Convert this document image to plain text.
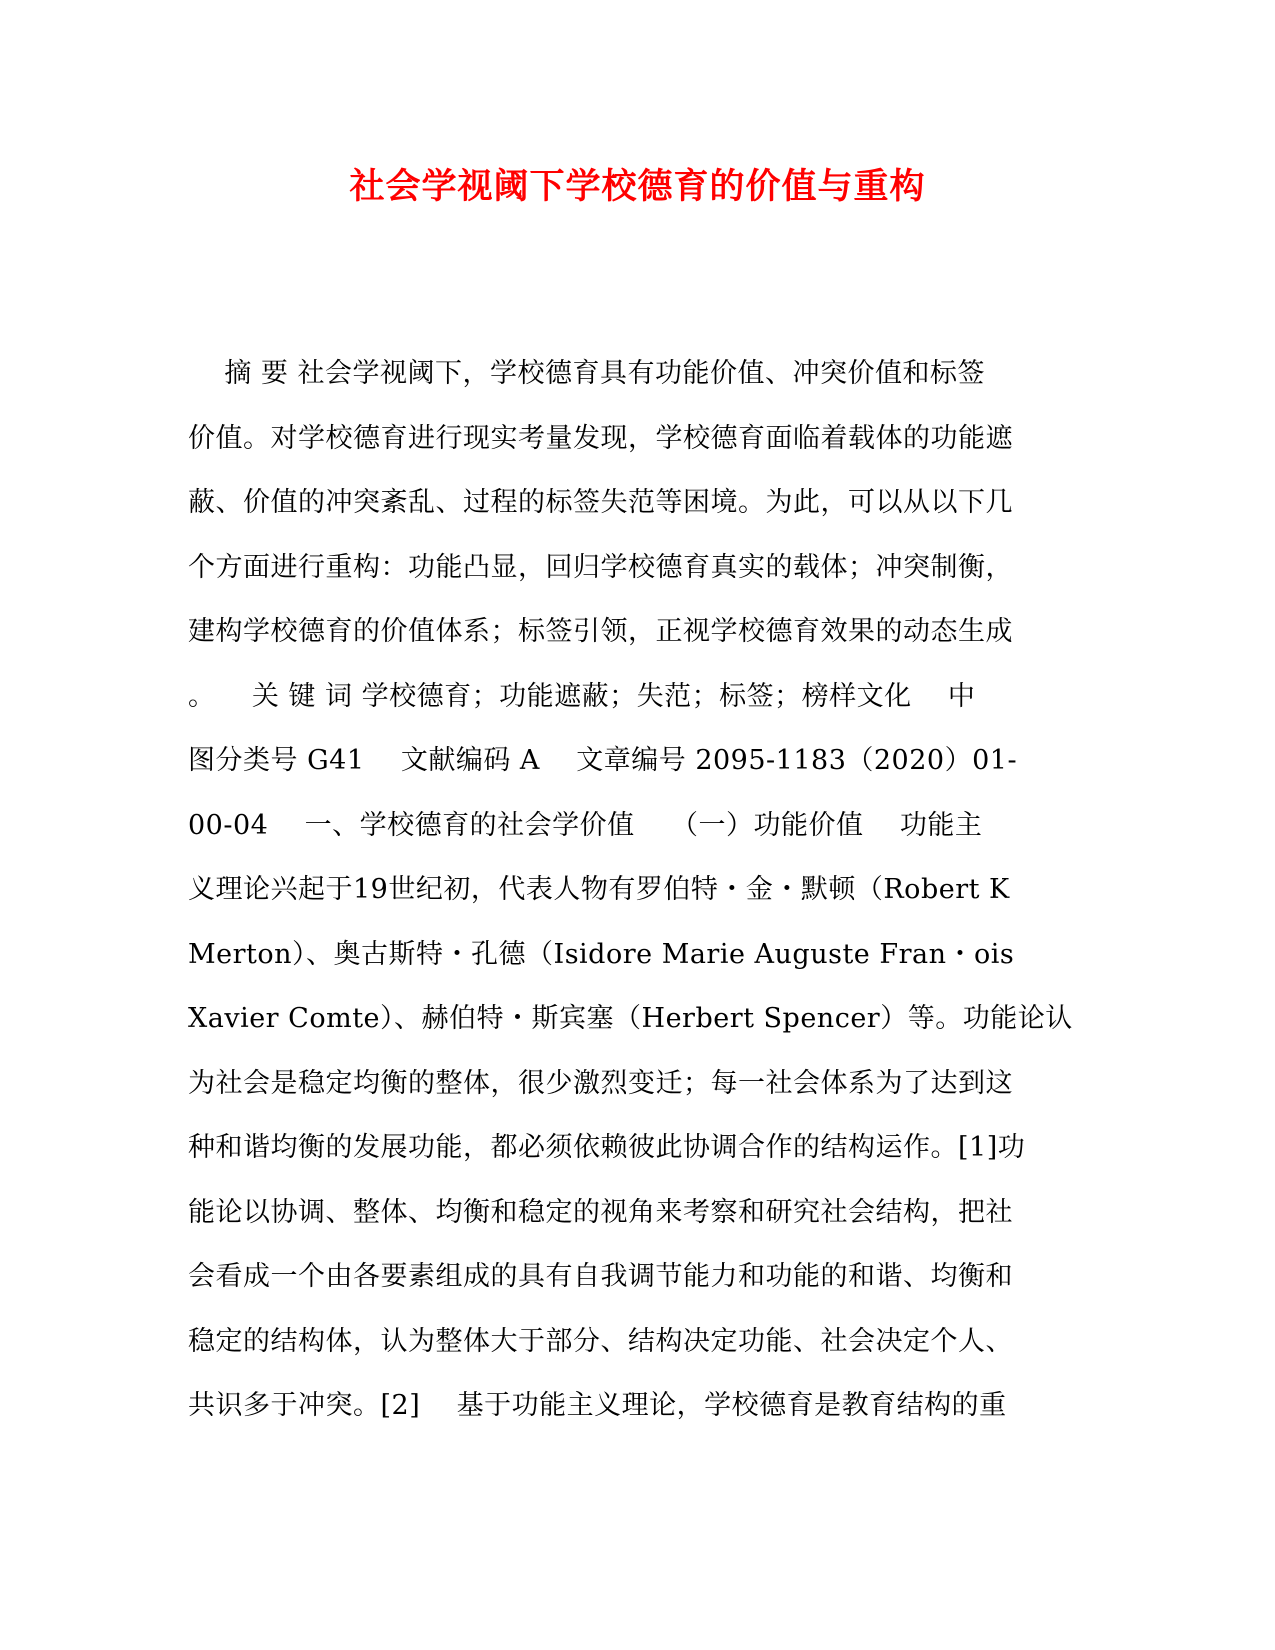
社会学视阈下学校德育的价值与重构
摘 要 社会学视阈下，学校德育具有功能价值、冲突价值和标签
价值。对学校德育进行现实考量发现，学校德育面临着载体的功能遮
蔽、价值的冲突紊乱、过程的标签失范等困境。为此，可以从以下几
个方面进行重构：功能凸显，回归学校德育真实的载体；冲突制衡，
建构学校德育的价值体系；标签引领，正视学校德育效果的动态生成
。    关 键 词 学校德育；功能遮蔽；失范；标签；榜样文化    中
图分类号 G41    文献编码 A    文章编号 2095-1183（2020）01-
00-04    一、学校德育的社会学价值    （一）功能价值    功能主
义理论兴起于19世纪初，代表人物有罗伯特・金・默顿（Robert K
Merton）、奥古斯特・孔德（Isidore Marie Auguste Fran・ois
Xavier Comte）、赫伯特・斯宾塞（Herbert Spencer）等。功能论认
为社会是稳定均衡的整体，很少激烈变迁；每一社会体系为了达到这
种和谐均衡的发展功能，都必须依赖彼此协调合作的结构运作。[1]功
能论以协调、整体、均衡和稳定的视角来考察和研究社会结构，把社
会看成一个由各要素组成的具有自我调节能力和功能的和谐、均衡和
稳定的结构体，认为整体大于部分、结构决定功能、社会决定个人、
共识多于冲突。[2]    基于功能主义理论，学校德育是教育结构的重
